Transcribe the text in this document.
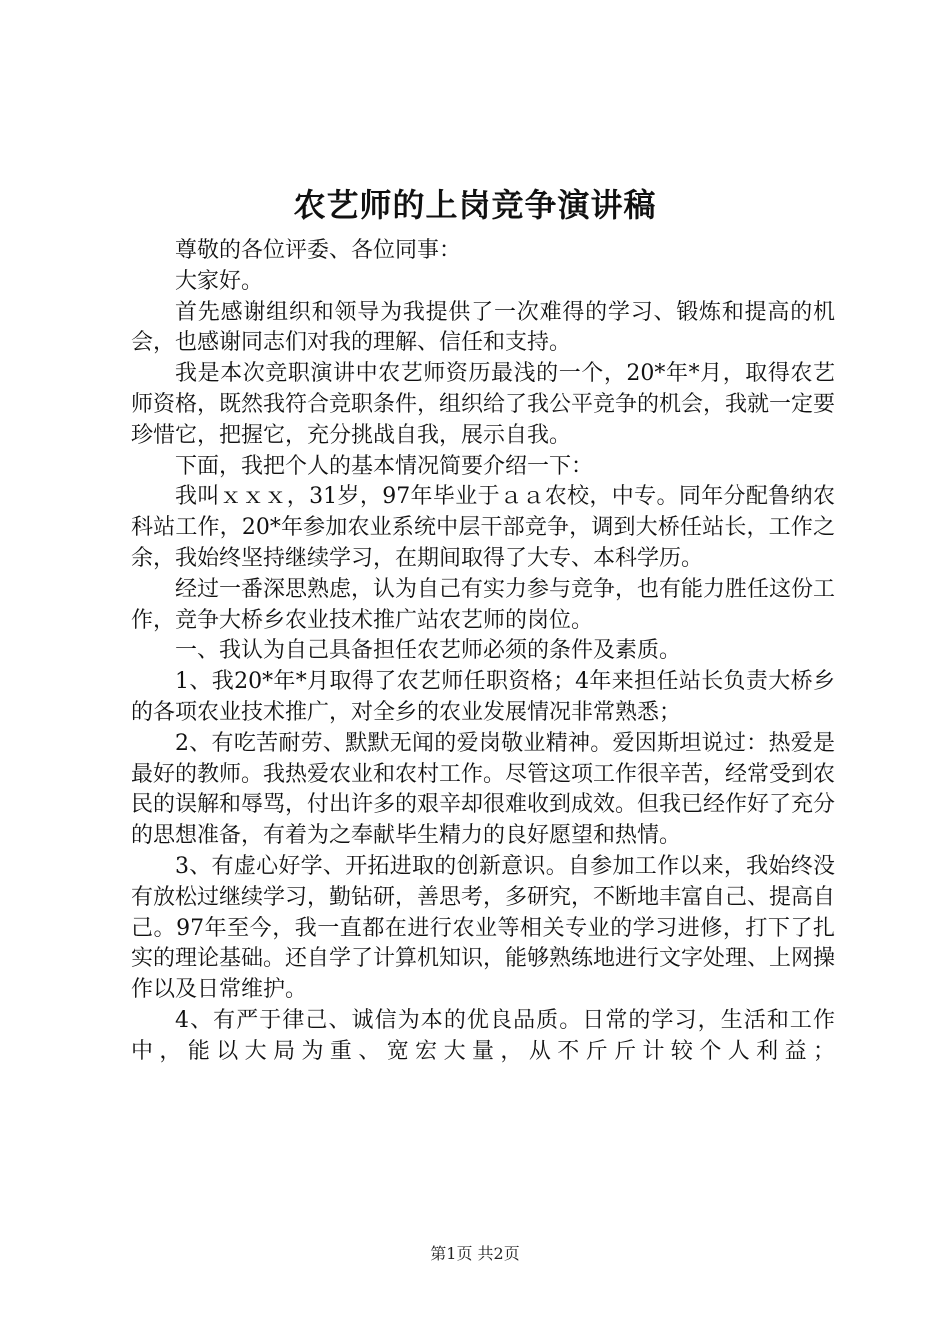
农艺师的上岗竞争演讲稿

尊敬的各位评委、各位同事：

大家好。

首先感谢组织和领导为我提供了一次难得的学习、锻炼和提高的机会，也感谢同志们对我的理解、信任和支持。

我是本次竞职演讲中农艺师资历最浅的一个，20*年*月，取得农艺师资格，既然我符合竞职条件，组织给了我公平竞争的机会，我就一定要珍惜它，把握它，充分挑战自我，展示自我。

下面，我把个人的基本情况简要介绍一下：

我叫ｘｘｘ，31岁，97年毕业于ａａ农校，中专。同年分配鲁纳农科站工作，20*年参加农业系统中层干部竞争，调到大桥任站长，工作之余，我始终坚持继续学习，在期间取得了大专、本科学历。

经过一番深思熟虑，认为自己有实力参与竞争，也有能力胜任这份工作，竞争大桥乡农业技术推广站农艺师的岗位。

一、我认为自己具备担任农艺师必须的条件及素质。

1、我20*年*月取得了农艺师任职资格；4年来担任站长负责大桥乡的各项农业技术推广，对全乡的农业发展情况非常熟悉；

2、有吃苦耐劳、默默无闻的爱岗敬业精神。爱因斯坦说过：热爱是最好的教师。我热爱农业和农村工作。尽管这项工作很辛苦，经常受到农民的误解和辱骂，付出许多的艰辛却很难收到成效。但我已经作好了充分的思想准备，有着为之奉献毕生精力的良好愿望和热情。

3、有虚心好学、开拓进取的创新意识。自参加工作以来，我始终没有放松过继续学习，勤钻研，善思考，多研究，不断地丰富自己、提高自己。97年至今，我一直都在进行农业等相关专业的学习进修，打下了扎实的理论基础。还自学了计算机知识，能够熟练地进行文字处理、上网操作以及日常维护。

4、有严于律己、诚信为本的优良品质。日常的学习，生活和工作中，能以大局为重、宽宏大量，从不斤斤计较个人利益；

第1页 共2页
